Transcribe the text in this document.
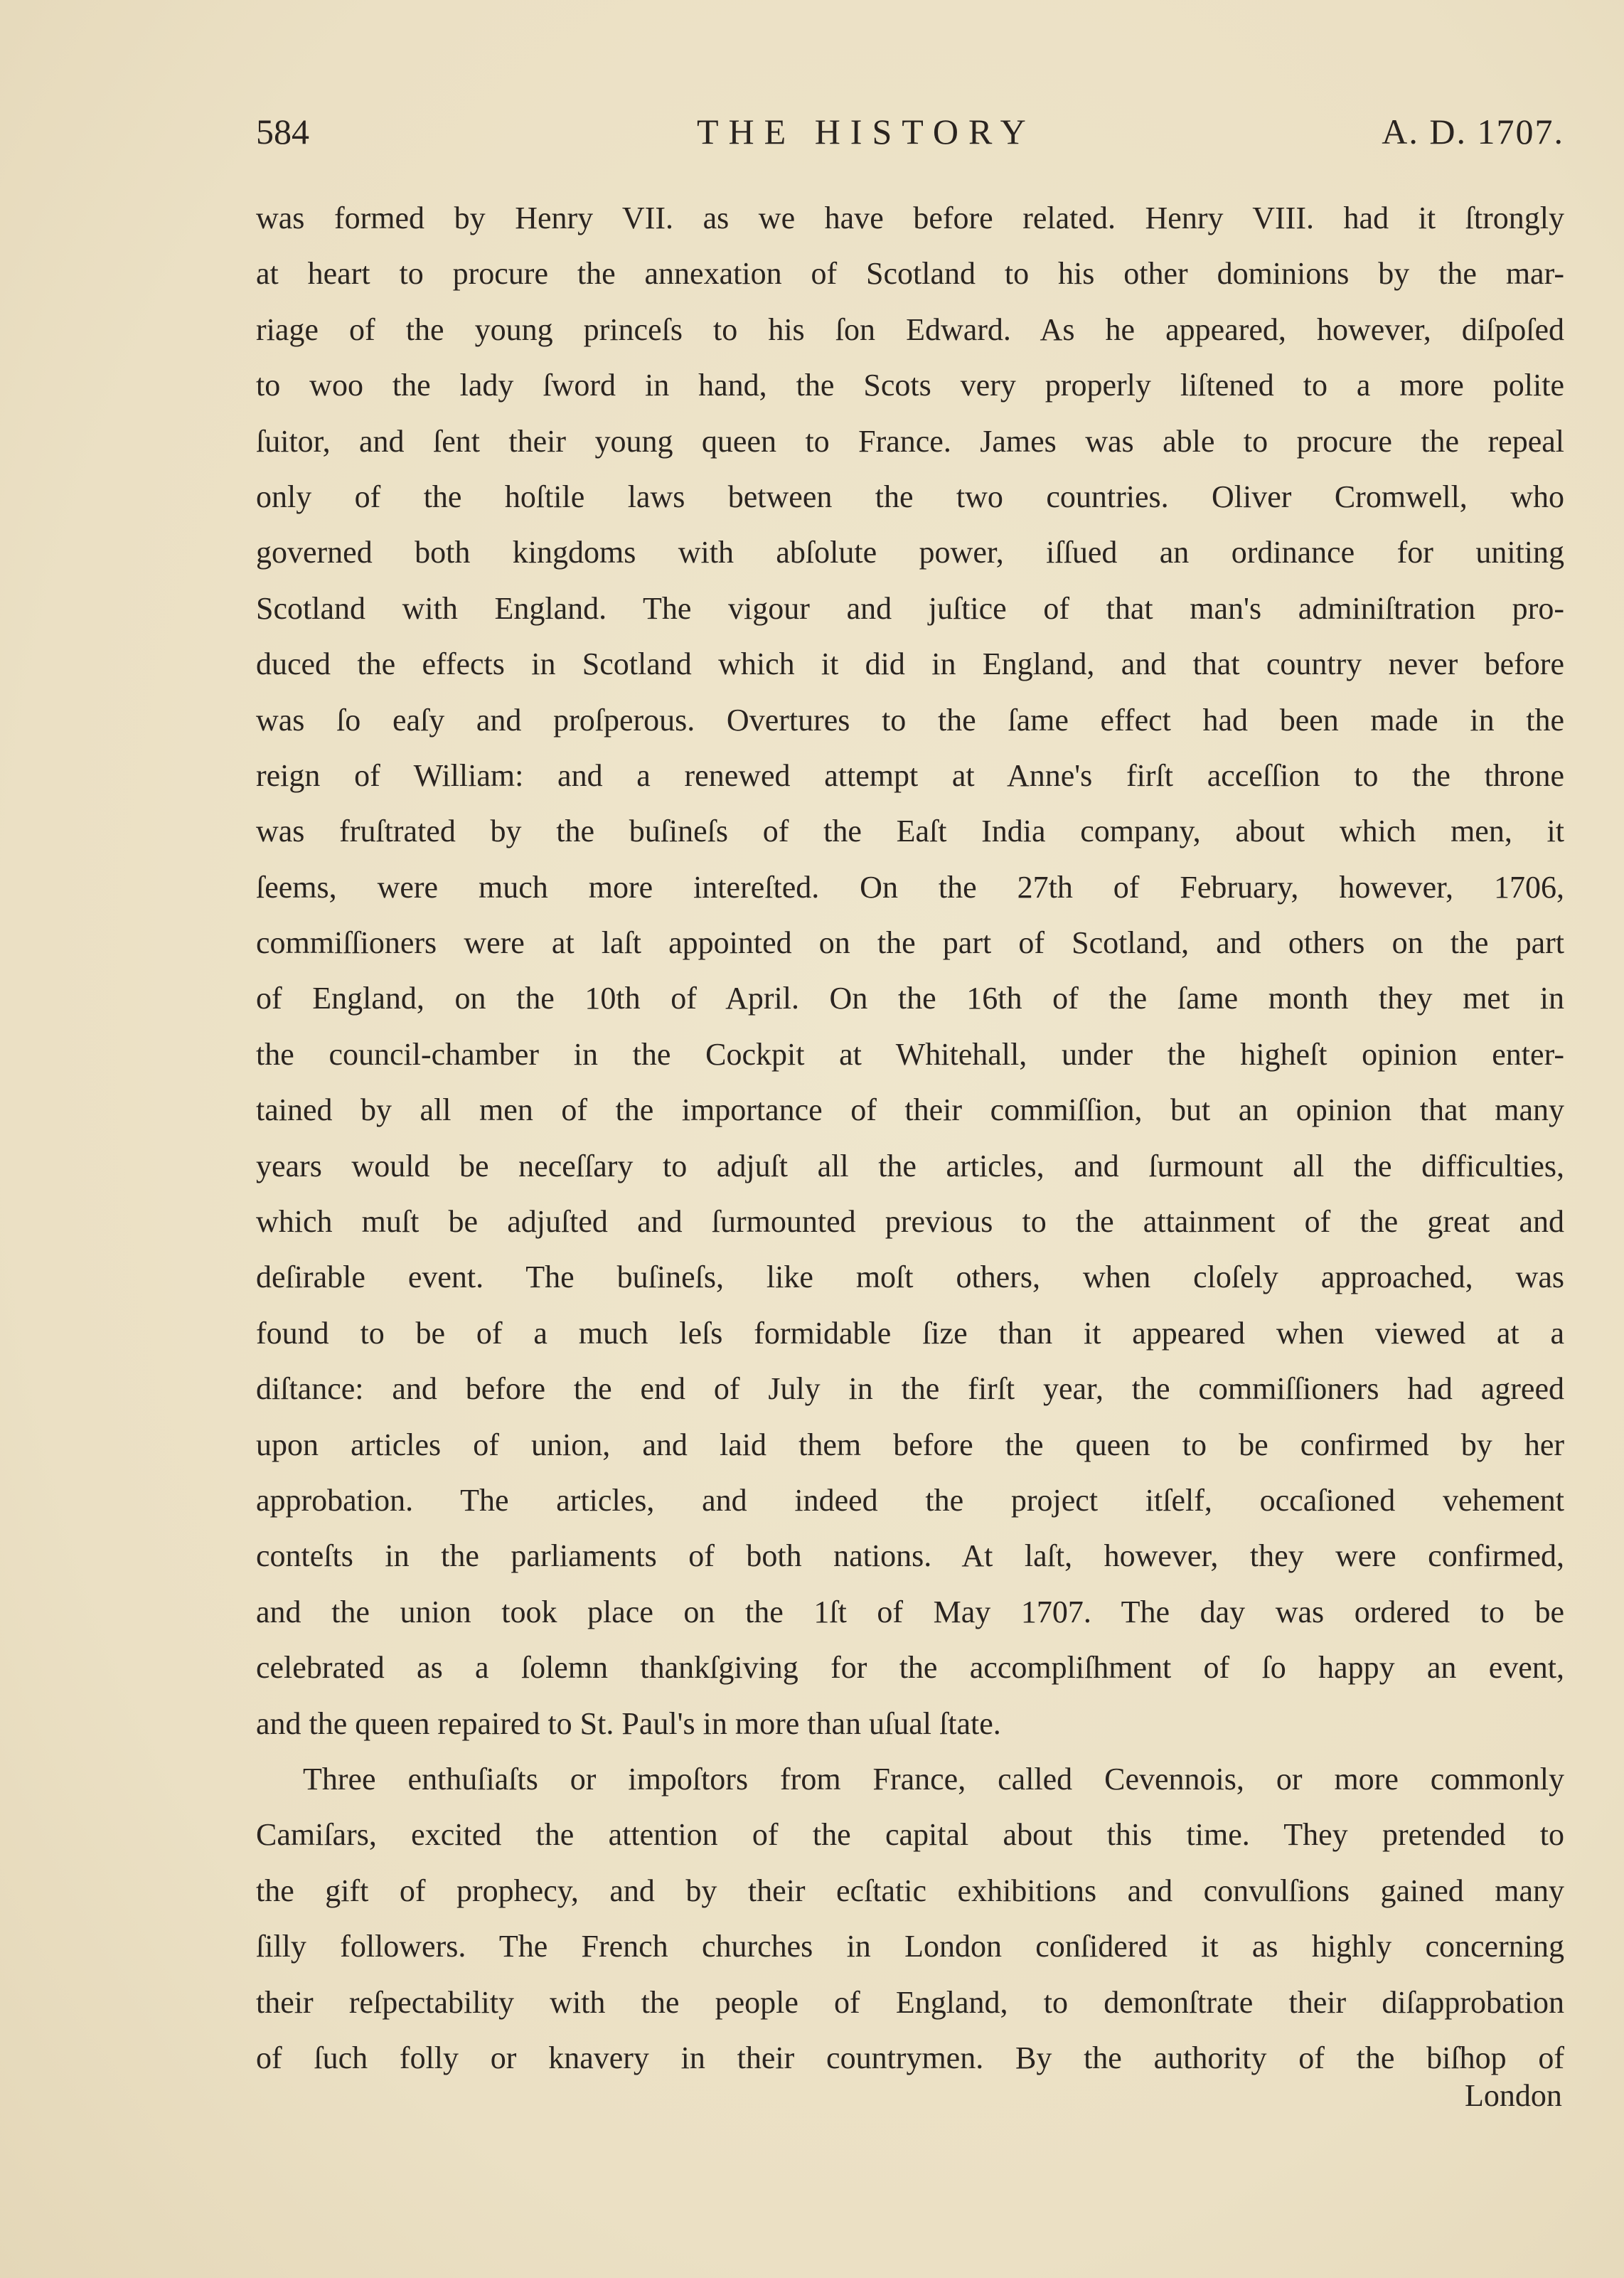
584	THE HISTORY	A. D. 1707.
was formed by Henry VII. as we have before related. Henry VIII. had it ſtrongly
at heart to procure the annexation of Scotland to his other dominions by the mar-
riage of the young princeſs to his ſon Edward. As he appeared, however, diſpoſed
to woo the lady ſword in hand, the Scots very properly liſtened to a more polite
ſuitor, and ſent their young queen to France. James was able to procure the repeal
only of the hoſtile laws between the two countries. Oliver Cromwell, who
governed both kingdoms with abſolute power, iſſued an ordinance for uniting
Scotland with England. The vigour and juſtice of that man's adminiſtration pro-
duced the effects in Scotland which it did in England, and that country never before
was ſo eaſy and proſperous. Overtures to the ſame effect had been made in the
reign of William: and a renewed attempt at Anne's firſt acceſſion to the throne
was fruſtrated by the buſineſs of the Eaſt India company, about which men, it
ſeems, were much more intereſted. On the 27th of February, however, 1706,
commiſſioners were at laſt appointed on the part of Scotland, and others on the part
of England, on the 10th of April. On the 16th of the ſame month they met in
the council-chamber in the Cockpit at Whitehall, under the higheſt opinion enter-
tained by all men of the importance of their commiſſion, but an opinion that many
years would be neceſſary to adjuſt all the articles, and ſurmount all the difficulties,
which muſt be adjuſted and ſurmounted previous to the attainment of the great and
deſirable event. The buſineſs, like moſt others, when cloſely approached, was
found to be of a much leſs formidable ſize than it appeared when viewed at a
diſtance: and before the end of July in the firſt year, the commiſſioners had agreed
upon articles of union, and laid them before the queen to be confirmed by her
approbation. The articles, and indeed the project itſelf, occaſioned vehement
conteſts in the parliaments of both nations. At laſt, however, they were confirmed,
and the union took place on the 1ſt of May 1707. The day was ordered to be
celebrated as a ſolemn thankſgiving for the accompliſhment of ſo happy an event,
and the queen repaired to St. Paul's in more than uſual ſtate.
Three enthuſiaſts or impoſtors from France, called Cevennois, or more commonly
Camiſars, excited the attention of the capital about this time. They pretended to
the gift of prophecy, and by their ecſtatic exhibitions and convulſions gained many
ſilly followers. The French churches in London conſidered it as highly concerning
their reſpectability with the people of England, to demonſtrate their diſapprobation
of ſuch folly or knavery in their countrymen. By the authority of the biſhop of
London
